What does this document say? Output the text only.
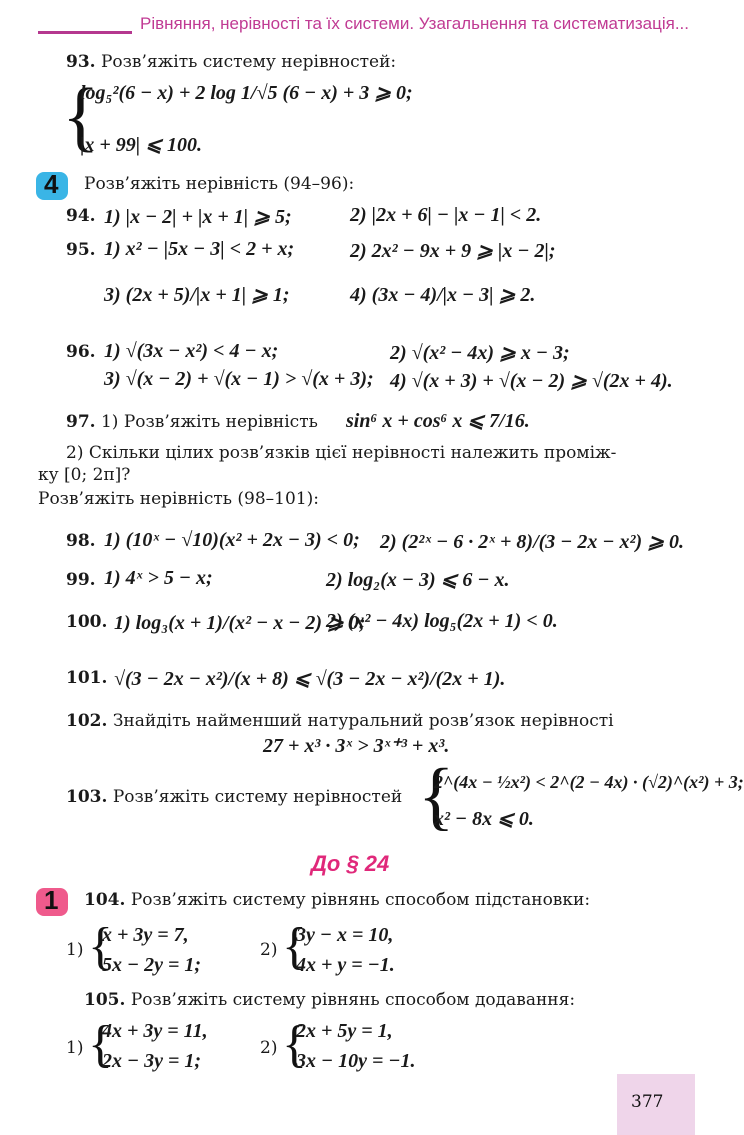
Рівняння, нерівності та їх системи. Узагальнення та систематизація...
93. Розв’яжіть систему нерівностей:
{
log₅²(6 − x) + 2 log 1/√5 (6 − x) + 3 ⩾ 0;
|x + 99| ⩽ 100.
4 Розв’яжіть нерівність (94–96):
94. 1) |x − 2| + |x + 1| ⩾ 5;	2) |2x + 6| − |x − 1| < 2.
95. 1) x² − |5x − 3| < 2 + x;	2) 2x² − 9x + 9 ⩾ |x − 2|;
3) (2x + 5)/|x + 1| ⩾ 1;	4) (3x − 4)/|x − 3| ⩾ 2.
96. 1) √(3x − x²) < 4 − x;	2) √(x² − 4x) ⩾ x − 3;
3) √(x − 2) + √(x − 1) > √(x + 3); 4) √(x + 3) + √(x − 2) ⩾ √(2x + 4).
97. 1) Розв’яжіть нерівність sin⁶ x + cos⁶ x ⩽ 7/16.
2) Скільки цілих розв’язків цієї нерівності належить промiж-
ку [0; 2π]?
Розв’яжіть нерівність (98–101):
98. 1) (10ˣ − √10)(x² + 2x − 3) < 0; 2) (2²ˣ − 6 · 2ˣ + 8)/(3 − 2x − x²) ⩾ 0.
99. 1) 4ˣ > 5 − x;	2) log₂(x − 3) ⩽ 6 − x.
100. 1) log₃(x + 1)/(x² − x − 2) ⩾ 0;
2) (x² − 4x) log₅(2x + 1) < 0.
101. √(3 − 2x − x²)/(x + 8) ⩽ √(3 − 2x − x²)/(2x + 1).
102. Знайдіть найменший натуральний розв’язок нерівності
27 + x³ · 3ˣ > 3ˣ⁺³ + x³.
103. Розв’яжіть систему нерівностей {
2^(4x − ½x²) < 2^(2 − 4x) · (√2)^(x²) + 3;
x² − 8x ⩽ 0.
До § 24
1 104. Розв’яжіть систему рівнянь способом підстановки:
1) {
x + 3y = 7,
5x − 2y = 1;
2) {
3y − x = 10,
4x + y = −1.
105. Розв’яжіть систему рівнянь способом додавання:
1) {
4x + 3y = 11,
2x − 3y = 1;
2) {
2x + 5y = 1,
3x − 10y = −1.
377
